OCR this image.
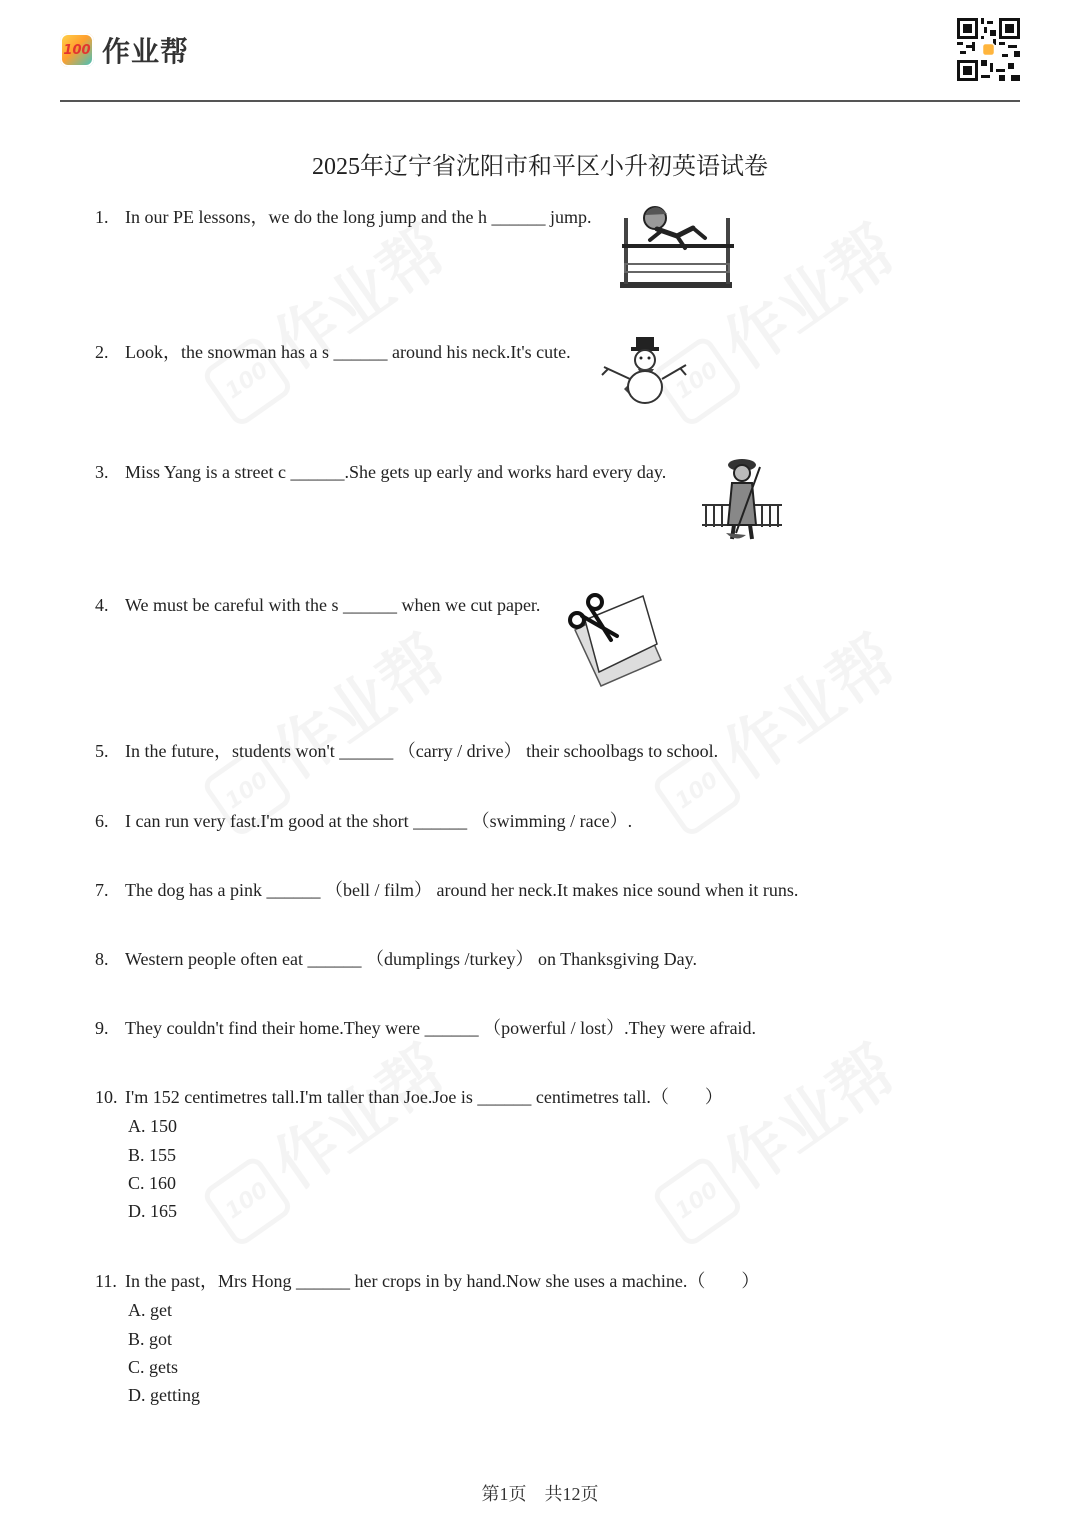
100 作业帮
2025年辽宁省沈阳市和平区小升初英语试卷
1. In our PE lessons，we do the long jump and the h ______ jump.
2. Look，the snowman has a s ______ around his neck.It's cute.
3. Miss Yang is a street c ______.She gets up early and works hard every day.
4. We must be careful with the s ______ when we cut paper.
5. In the future，students won't ______ （carry / drive） their schoolbags to school.
6. I can run very fast.I'm good at the short ______ （swimming / race）.
7. The dog has a pink ______ （bell / film） around her neck.It makes nice sound when it runs.
8. Western people often eat ______ （dumplings /turkey） on Thanksgiving Day.
9. They couldn't find their home.They were ______ （powerful / lost）.They were afraid.
10. I'm 152 centimetres tall.I'm taller than Joe.Joe is ______ centimetres tall.（　　）
A. 150
B. 155
C. 160
D. 165
11. In the past，Mrs Hong ______ her crops in by hand.Now she uses a machine.（　　）
A. get
B. got
C. gets
D. getting
第1页　共12页
